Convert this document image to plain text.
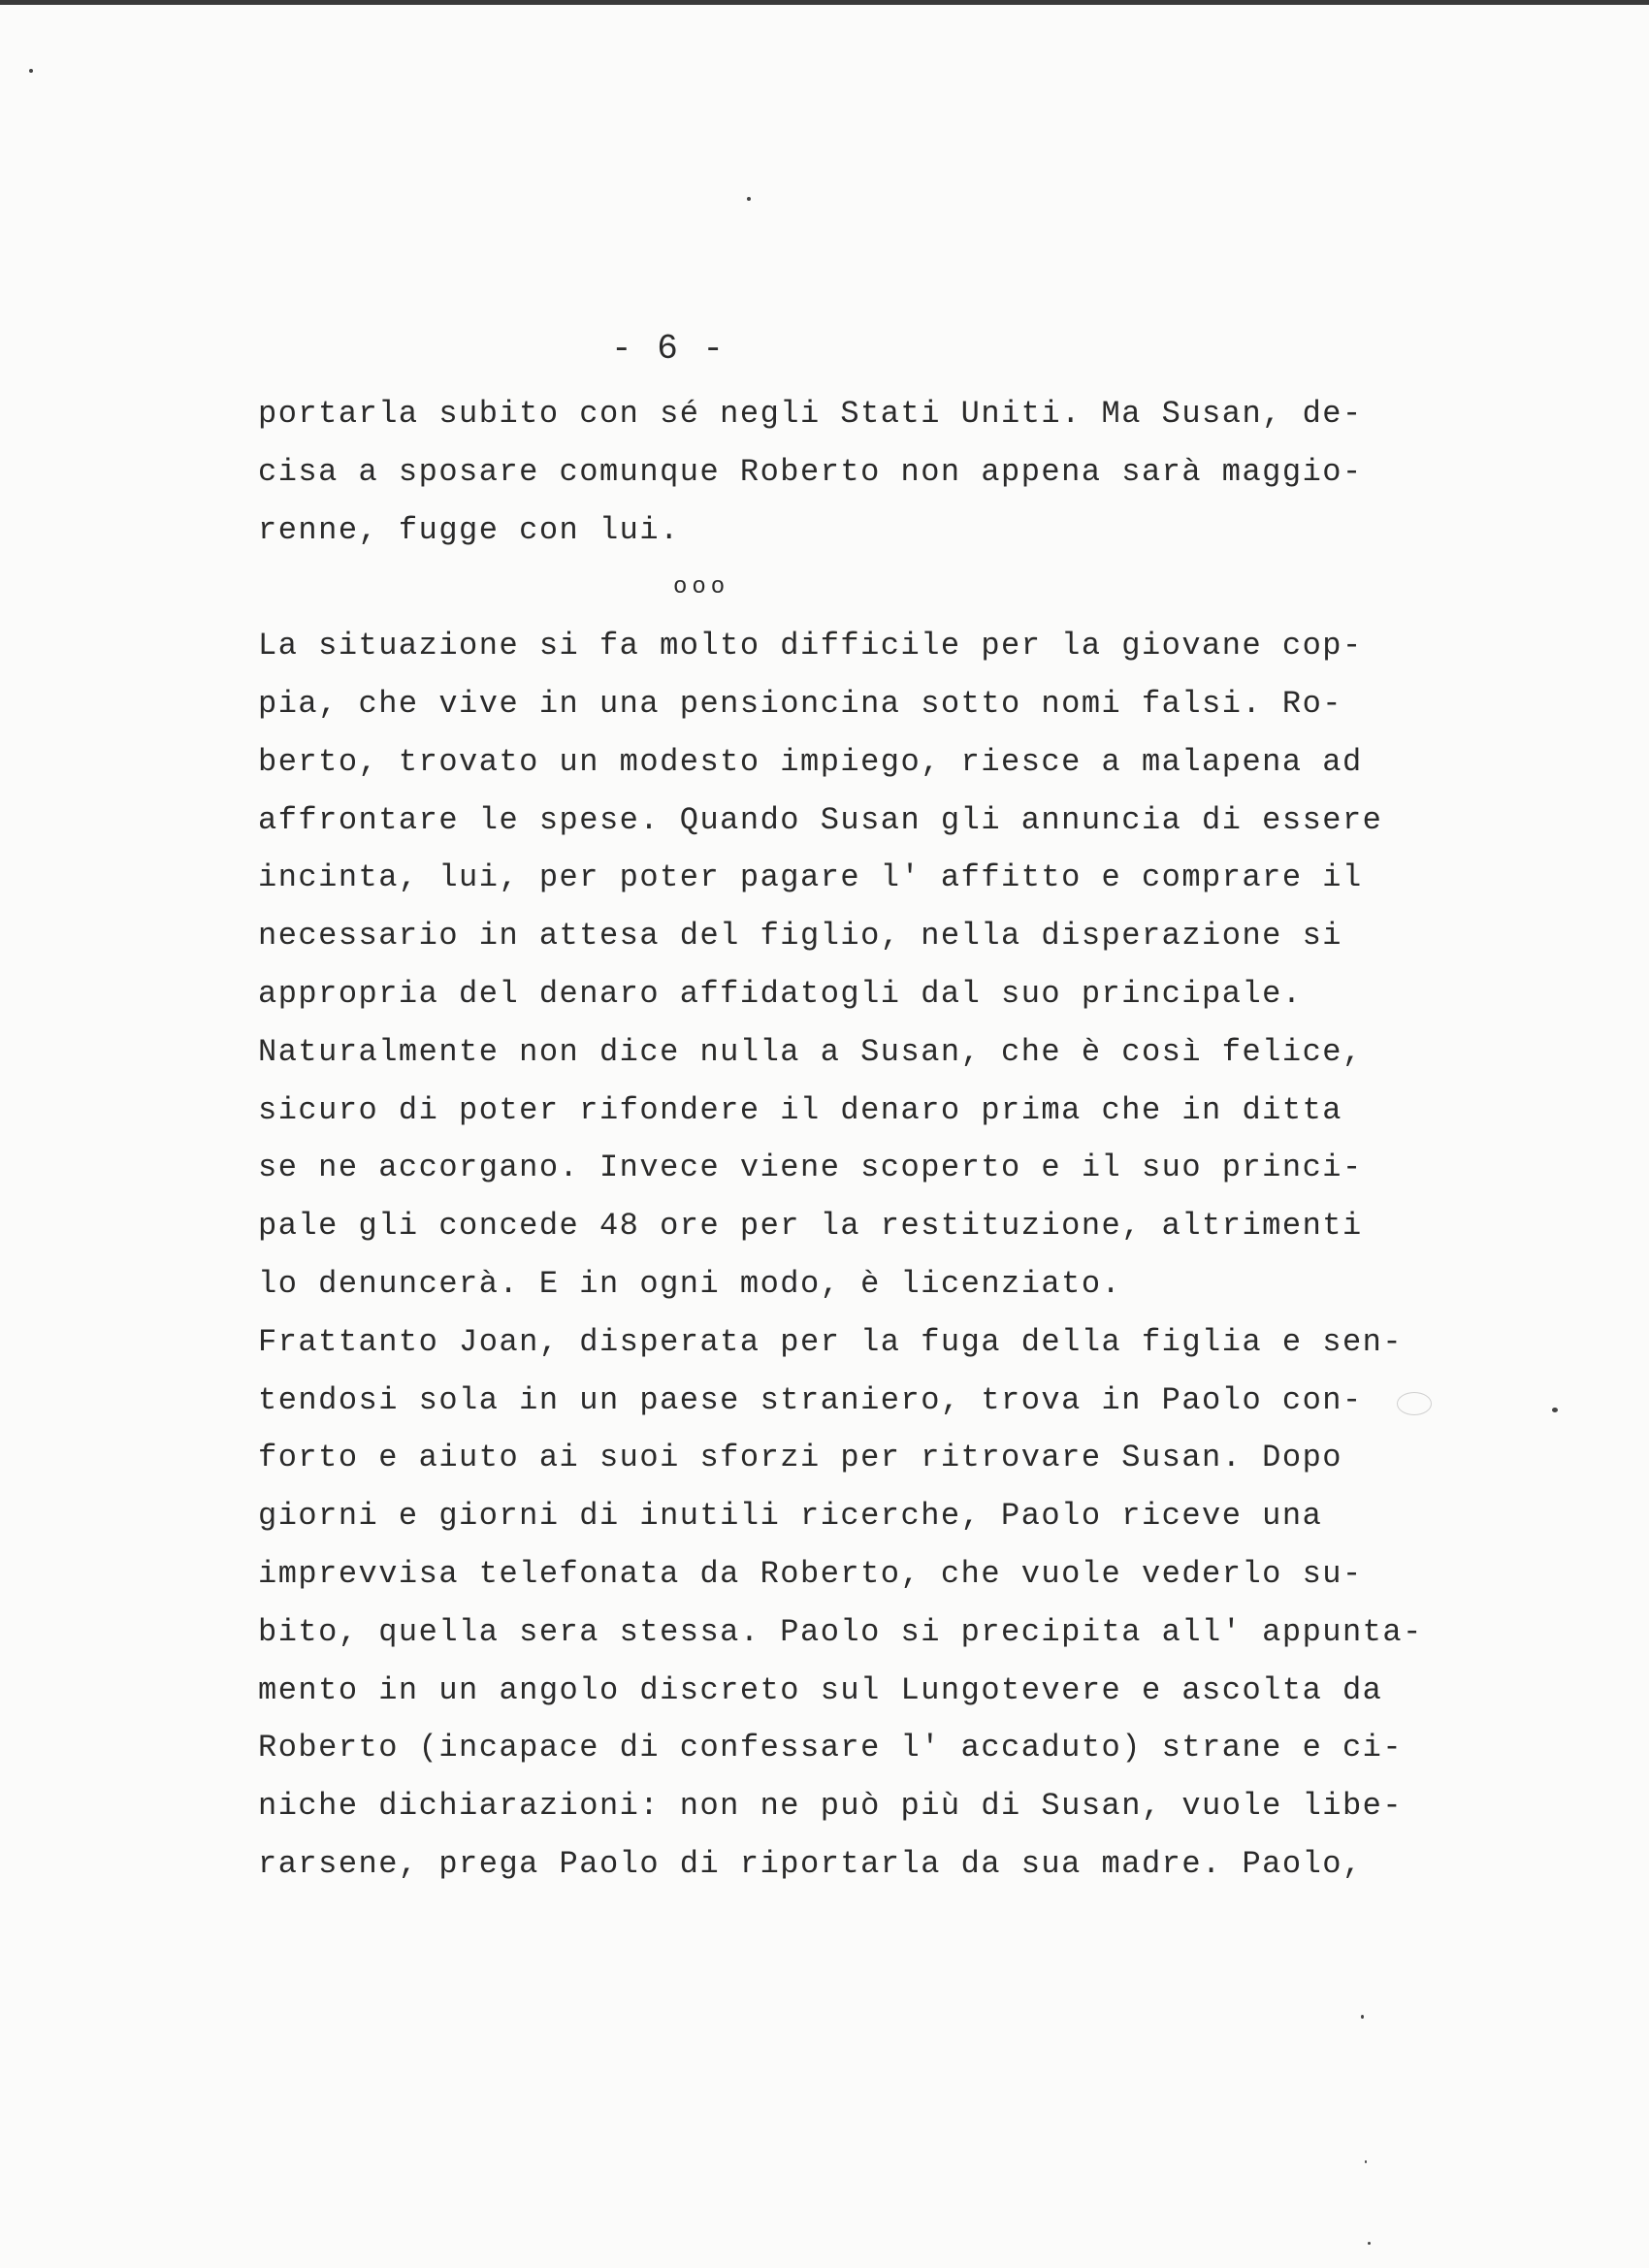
- 6 -
portarla subito con sé negli Stati Uniti. Ma Susan, de-
cisa a sposare comunque Roberto non appena sarà maggio-
renne, fugge con lui.
ooo
La situazione si fa molto difficile per la giovane cop-
pia, che vive in una pensioncina sotto nomi falsi. Ro-
berto, trovato un modesto impiego, riesce a malapena ad
affrontare le spese. Quando Susan gli annuncia di essere
incinta, lui, per poter pagare l' affitto e comprare il
necessario in attesa del figlio, nella disperazione si
appropria del denaro affidatogli dal suo principale.
Naturalmente non dice nulla a Susan, che è così felice,
sicuro di poter rifondere il denaro prima che in ditta
se ne accorgano. Invece viene scoperto e il suo princi-
pale gli concede 48 ore per la restituzione, altrimenti
lo denuncerà. E in ogni modo, è licenziato.
Frattanto Joan, disperata per la fuga della figlia e sen-
tendosi sola in un paese straniero, trova in Paolo con-
forto e aiuto ai suoi sforzi per ritrovare Susan. Dopo
giorni e giorni di inutili ricerche, Paolo riceve una
imprevvisa telefonata da Roberto, che vuole vederlo su-
bito, quella sera stessa. Paolo si precipita all' appunta-
mento in un angolo discreto sul Lungotevere e ascolta da
Roberto (incapace di confessare l' accaduto) strane e ci-
niche dichiarazioni: non ne può più di Susan, vuole libe-
rarsene, prega Paolo di riportarla da sua madre. Paolo,
